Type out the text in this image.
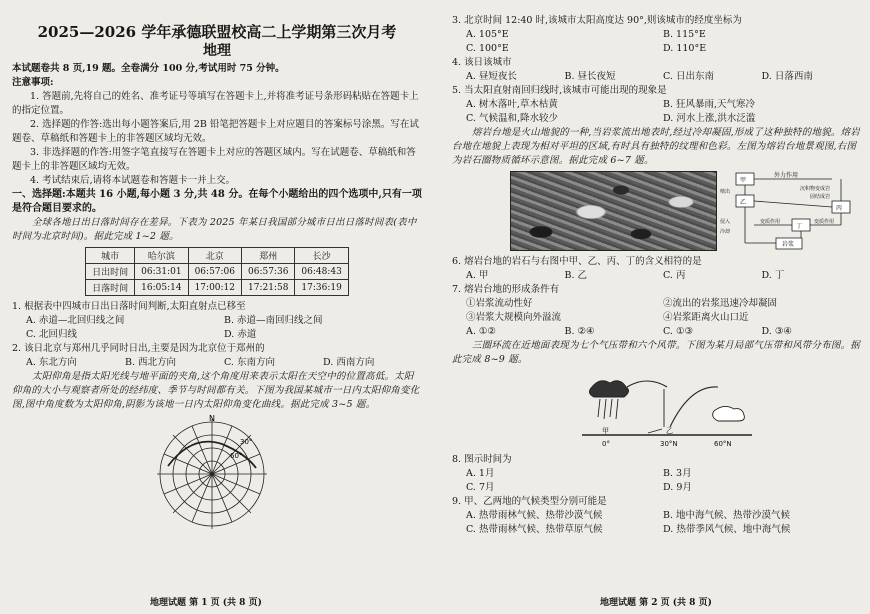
2025—2026 学年承德联盟校高二上学期第三次月考

地理

本试题卷共 8 页,19 题。全卷满分 100 分,考试用时 75 分钟。

注意事项:

1. 答题前,先将自己的姓名、准考证号等填写在答题卡上,并将准考证号条形码粘贴在答题卡上的指定位置。

2. 选择题的作答:选出每小题答案后,用 2B 铅笔把答题卡上对应题目的答案标号涂黑。写在试题卷、草稿纸和答题卡上的非答题区域均无效。

3. 非选择题的作答:用签字笔直接写在答题卡上对应的答题区域内。写在试题卷、草稿纸和答题卡上的非答题区域均无效。

4. 考试结束后,请将本试题卷和答题卡一并上交。

一、选择题:本题共 16 小题,每小题 3 分,共 48 分。在每个小题给出的四个选项中,只有一项是符合题目要求的。

全球各地日出日落时间存在差异。下表为 2025 年某日我国部分城市日出日落时间表(表中时间为北京时间)。据此完成 1~2 题。

城市	哈尔滨	北京	郑州	长沙
日出时间	06:31:01	06:57:06	06:57:36	06:48:43
日落时间	16:05:14	17:00:12	17:21:58	17:36:19

1. 根据表中四城市日出日落时间判断,太阳直射点已移至

A. 赤道—北回归线之间	B. 赤道—南回归线之间
C. 北回归线	D. 赤道

2. 该日北京与郑州几乎同时日出,主要是因为北京位于郑州的

A. 东北方向	B. 西北方向	C. 东南方向	D. 西南方向

太阳仰角是指太阳光线与地平面的夹角,这个角度用来表示太阳在天空中的位置高低。太阳仰角的大小与观察者所处的经纬度、季节与时间都有关。下图为我国某城市一日内太阳仰角变化图,图中角度数为太阳仰角,阴影为该地一日内太阳仰角变化曲线。据此完成 3~5 题。

N
30°
60°

3. 北京时间 12:40 时,该城市太阳高度达 90°,则该城市的经度坐标为

A. 105°E	B. 115°E
C. 100°E	D. 110°E

4. 该日该城市

A. 昼短夜长	B. 昼长夜短	C. 日出东南	D. 日落西南

5. 当太阳直射南回归线时,该城市可能出现的现象是

A. 树木落叶,草木枯黄	B. 狂风暴雨,天气寒冷
C. 气候温和,降水较少	D. 河水上涨,洪水泛滥

熔岩台地是火山地貌的一种,当岩浆流出地表时,经过冷却凝固,形成了这种独特的地貌。熔岩台地在地貌上表现为相对平坦的区域,有时具有独特的纹理和色彩。左图为熔岩台地景观图,右图为岩石圈物质循环示意图。据此完成 6~7 题。

甲
乙
丙
丁
岩浆
外力作用
沉积物变成岩
固结成岩
变质作用	变质作用
侵入
喷出
冷却

6. 熔岩台地的岩石与右图中甲、乙、丙、丁的含义相符的是

A. 甲	B. 乙	C. 丙	D. 丁

7. 熔岩台地的形成条件有

①岩浆流动性好	②流出的岩浆迅速冷却凝固
③岩浆大规模向外溢流	④岩浆距离火山口近
A. ①②	B. ②④	C. ①③	D. ③④

三圈环流在近地面表现为七个气压带和六个风带。下图为某月局部气压带和风带分布图。据此完成 8~9 题。

甲	乙
0°	30°N	60°N

8. 图示时间为

A. 1月	B. 3月
C. 7月	D. 9月

9. 甲、乙两地的气候类型分别可能是

A. 热带雨林气候、热带沙漠气候	B. 地中海气候、热带沙漠气候
C. 热带雨林气候、热带草原气候	D. 热带季风气候、地中海气候
地理试题 第 1 页 (共 8 页)	地理试题 第 2 页 (共 8 页)
